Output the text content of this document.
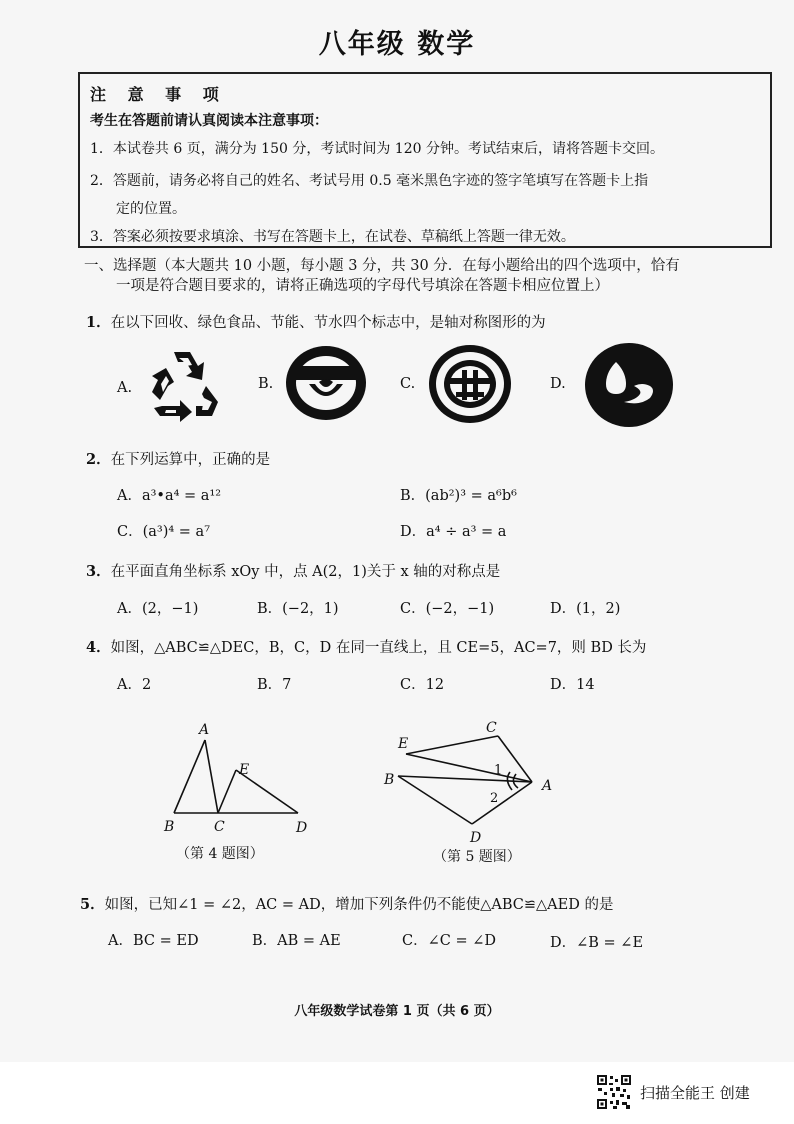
八年级 数学
注 意 事 项
考生在答题前请认真阅读本注意事项：
1．本试卷共 6 页，满分为 150 分，考试时间为 120 分钟。考试结束后，请将答题卡交回。
2．答题前，请务必将自己的姓名、考试号用 0.5 毫米黑色字迹的签字笔填写在答题卡上指
定的位置。
3．答案必须按要求填涂、书写在答题卡上，在试卷、草稿纸上答题一律无效。
一、选择题（本大题共 10 小题，每小题 3 分，共 30 分．在每小题给出的四个选项中，恰有
一项是符合题目要求的，请将正确选项的字母代号填涂在答题卡相应位置上）
1．在以下回收、绿色食品、节能、节水四个标志中，是轴对称图形的为
A.	B.	C.	D.
2．在下列运算中，正确的是
A．a³•a⁴ = a¹²	B．(ab²)³ = a⁶b⁶
C．(a³)⁴ = a⁷	D．a⁴ ÷ a³ = a
3．在平面直角坐标系 xOy 中，点 A(2，1)关于 x 轴的对称点是
A．(2，−1)	B．(−2，1)	C．(−2，−1)	D．(1，2)
4．如图，△ABC≌△DEC，B，C，D 在同一直线上，且 CE=5，AC=7，则 BD 长为
A．2	B．7	C．12	D．14
A
B	C	D
E
（第 4 题图）
C
E
B	A
D
1
2
（第 5 题图）
5．如图，已知∠1 = ∠2，AC = AD，增加下列条件仍不能使△ABC≌△AED 的是
A．BC = ED	B．AB = AE	C．∠C = ∠D	D．∠B = ∠E
八年级数学试卷第 1 页（共 6 页）
扫描全能王 创建
